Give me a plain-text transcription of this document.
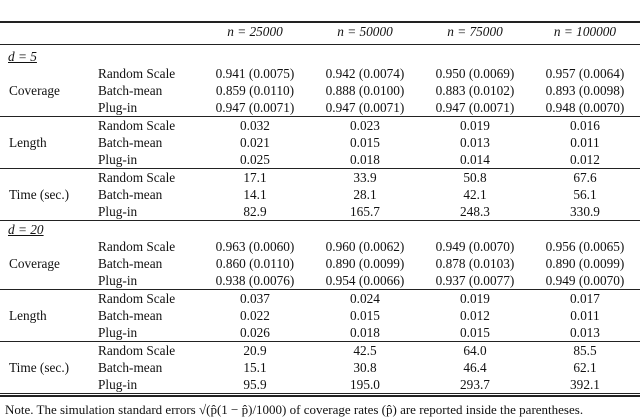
n = 25000	n = 50000	n = 75000	n = 100000
d = 5
Coverage
Random Scale	0.941 (0.0075)	0.942 (0.0074)	0.950 (0.0069)	0.957 (0.0064)
Batch-mean	0.859 (0.0110)	0.888 (0.0100)	0.883 (0.0102)	0.893 (0.0098)
Plug-in	0.947 (0.0071)	0.947 (0.0071)	0.947 (0.0071)	0.948 (0.0070)
Length
Random Scale	0.032	0.023	0.019	0.016
Batch-mean	0.021	0.015	0.013	0.011
Plug-in	0.025	0.018	0.014	0.012
Time (sec.)
Random Scale	17.1	33.9	50.8	67.6
Batch-mean	14.1	28.1	42.1	56.1
Plug-in	82.9	165.7	248.3	330.9
d = 20
Coverage
Random Scale	0.963 (0.0060)	0.960 (0.0062)	0.949 (0.0070)	0.956 (0.0065)
Batch-mean	0.860 (0.0110)	0.890 (0.0099)	0.878 (0.0103)	0.890 (0.0099)
Plug-in	0.938 (0.0076)	0.954 (0.0066)	0.937 (0.0077)	0.949 (0.0070)
Length
Random Scale	0.037	0.024	0.019	0.017
Batch-mean	0.022	0.015	0.012	0.011
Plug-in	0.026	0.018	0.015	0.013
Time (sec.)
Random Scale	20.9	42.5	64.0	85.5
Batch-mean	15.1	30.8	46.4	62.1
Plug-in	95.9	195.0	293.7	392.1
Note. The simulation standard errors √(p̂(1 − p̂)/1000) of coverage rates (p̂) are reported inside the parentheses.
